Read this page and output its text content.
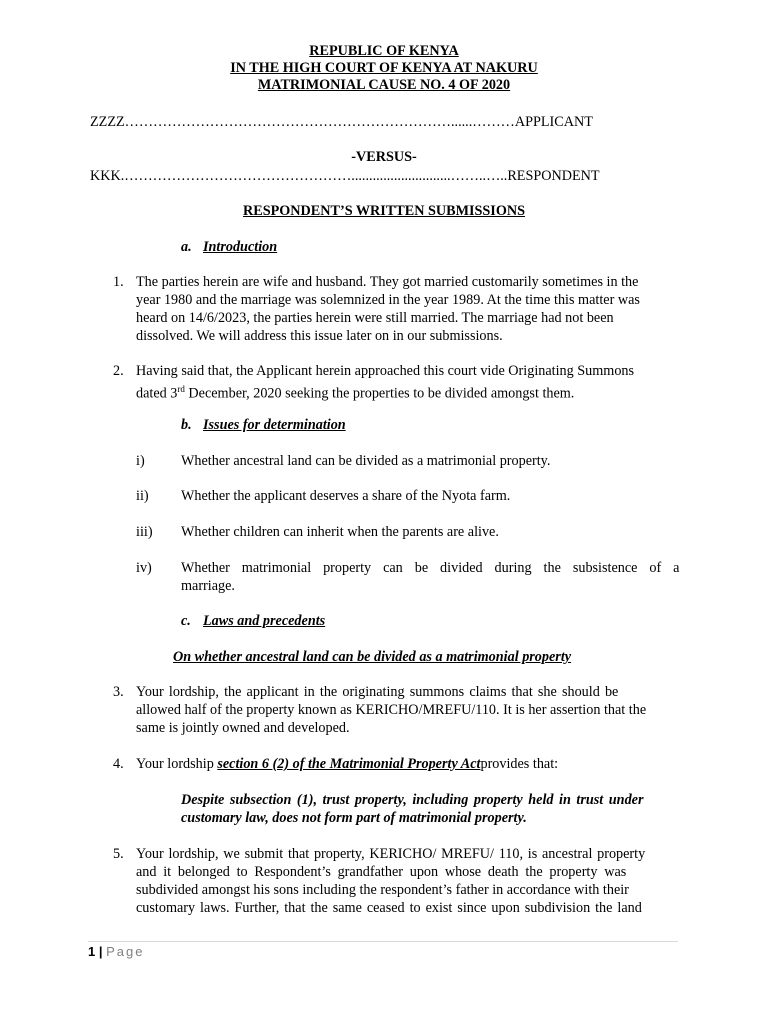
REPUBLIC OF KENYA
IN THE HIGH COURT OF KENYA AT NAKURU
MATRIMONIAL CAUSE NO. 4 OF 2020
ZZZZ……………………………………………………………......………APPLICANT
-VERSUS-
KKK.…………………………………………............................……..…..RESPONDENT
RESPONDENT’S WRITTEN SUBMISSIONS
a. Introduction
1. The parties herein are wife and husband. They got married customarily sometimes in the
year 1980 and the marriage was solemnized in the year 1989. At the time this matter was
heard on 14/6/2023, the parties herein were still married. The marriage had not been
dissolved. We will address this issue later on in our submissions.
2. Having said that, the Applicant herein approached this court vide Originating Summons
dated 3rd December, 2020 seeking the properties to be divided amongst them.
b. Issues for determination
i)	Whether ancestral land can be divided as a matrimonial property.
ii) Whether the applicant deserves a share of the Nyota farm.
iii) Whether children can inherit when the parents are alive.
iv) Whether matrimonial property can be divided during the subsistence of a
marriage.
c. Laws and precedents
On whether ancestral land can be divided as a matrimonial property
3. Your lordship, the applicant in the originating summons claims that she should be
allowed half of the property known as KERICHO/MREFU/110. It is her assertion that the
same is jointly owned and developed.
4. Your lordship section 6 (2) of the Matrimonial Property Actprovides that:
Despite subsection (1), trust property, including property held in trust under
customary law, does not form part of matrimonial property.
5. Your lordship, we submit that property, KERICHO/ MREFU/ 110, is ancestral property
and it belonged to Respondent’s grandfather upon whose death the property was
subdivided amongst his sons including the respondent’s father in accordance with their
customary laws. Further, that the same ceased to exist since upon subdivision the land
1 | Page
